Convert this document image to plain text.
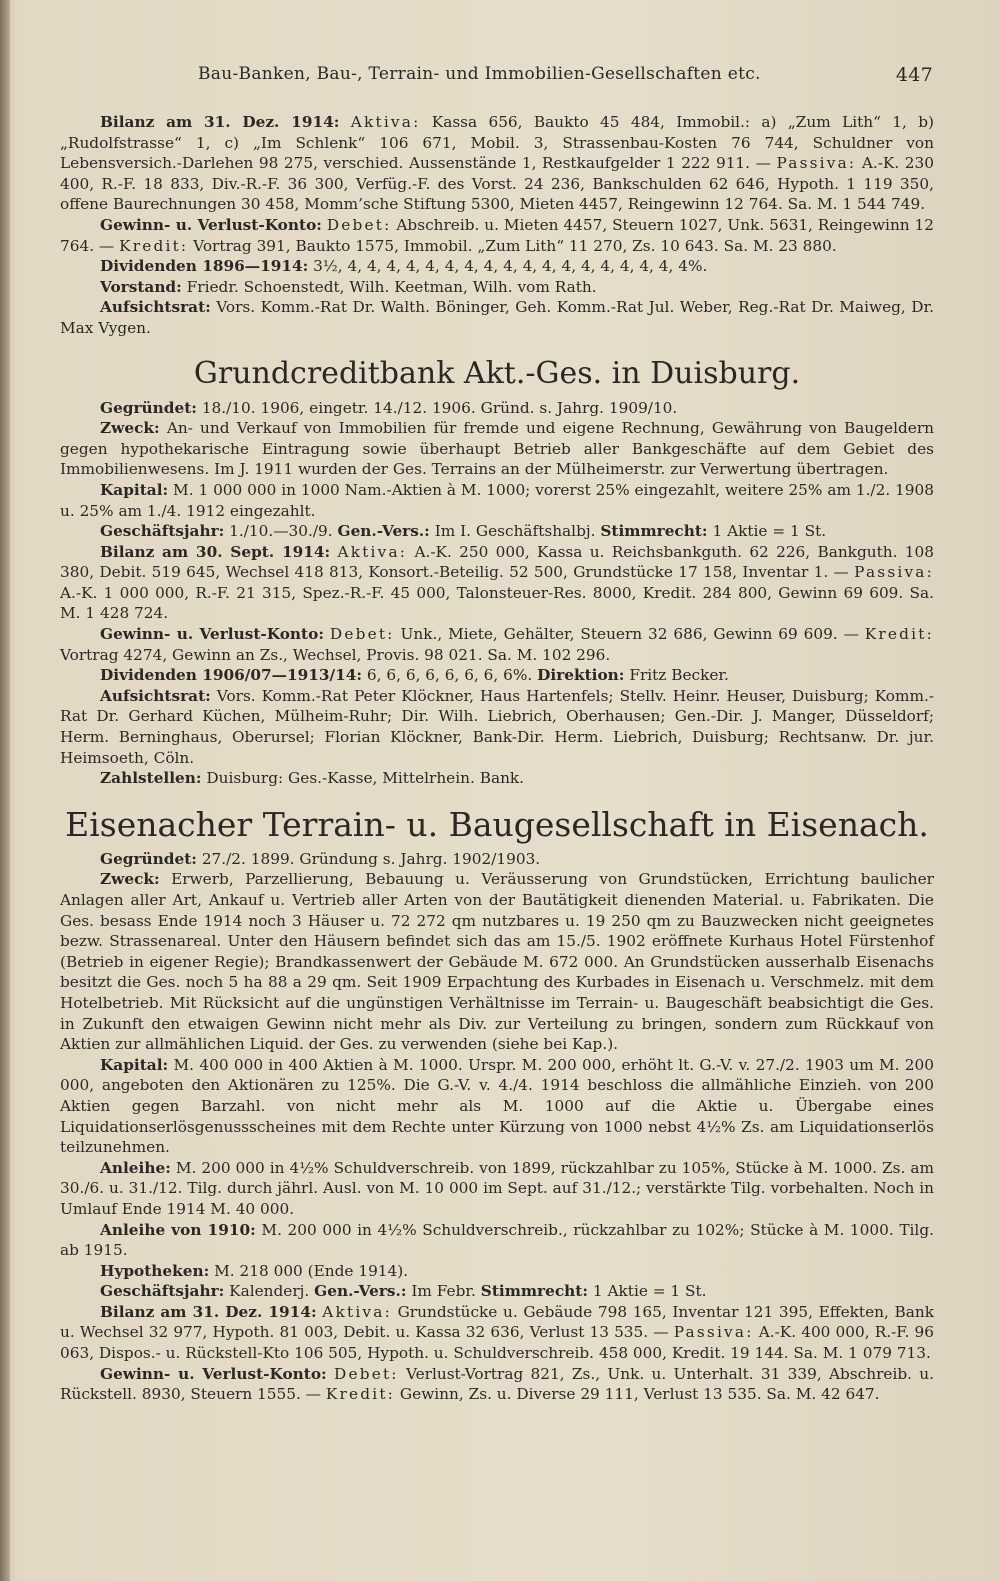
Bau-Banken, Bau-, Terrain- und Immobilien-Gesellschaften etc.	447

Bilanz am 31. Dez. 1914: Aktiva: Kassa 656, Baukto 45 484, Immobil.: a) „Zum Lith“ 1, b) „Rudolfstrasse“ 1, c) „Im Schlenk“ 106 671, Mobil. 3, Strassenbau-Kosten 76 744, Schuldner von Lebensversich.-Darlehen 98 275, verschied. Aussenstände 1, Restkaufgelder 1 222 911. — Passiva: A.-K. 230 400, R.-F. 18 833, Div.-R.-F. 36 300, Verfüg.-F. des Vorst. 24 236, Bankschulden 62 646, Hypoth. 1 119 350, offene Baurechnungen 30 458, Momm’sche Stiftung 5300, Mieten 4457, Reingewinn 12 764. Sa. M. 1 544 749.

Gewinn- u. Verlust-Konto: Debet: Abschreib. u. Mieten 4457, Steuern 1027, Unk. 5631, Reingewinn 12 764. — Kredit: Vortrag 391, Baukto 1575, Immobil. „Zum Lith“ 11 270, Zs. 10 643. Sa. M. 23 880.

Dividenden 1896—1914: 3½, 4, 4, 4, 4, 4, 4, 4, 4, 4, 4, 4, 4, 4, 4, 4, 4, 4, 4%.

Vorstand: Friedr. Schoenstedt, Wilh. Keetman, Wilh. vom Rath.

Aufsichtsrat: Vors. Komm.-Rat Dr. Walth. Böninger, Geh. Komm.-Rat Jul. Weber, Reg.-Rat Dr. Maiweg, Dr. Max Vygen.

Grundcreditbank Akt.-Ges. in Duisburg.

Gegründet: 18./10. 1906, eingetr. 14./12. 1906. Gründ. s. Jahrg. 1909/10.

Zweck: An- und Verkauf von Immobilien für fremde und eigene Rechnung, Gewährung von Baugeldern gegen hypothekarische Eintragung sowie überhaupt Betrieb aller Bankgeschäfte auf dem Gebiet des Immobilienwesens. Im J. 1911 wurden der Ges. Terrains an der Mülheimerstr. zur Verwertung übertragen.

Kapital: M. 1 000 000 in 1000 Nam.-Aktien à M. 1000; vorerst 25% eingezahlt, weitere 25% am 1./2. 1908 u. 25% am 1./4. 1912 eingezahlt.

Geschäftsjahr: 1./10.—30./9. Gen.-Vers.: Im I. Geschäftshalbj. Stimmrecht: 1 Aktie = 1 St.

Bilanz am 30. Sept. 1914: Aktiva: A.-K. 250 000, Kassa u. Reichsbankguth. 62 226, Bankguth. 108 380, Debit. 519 645, Wechsel 418 813, Konsort.-Beteilig. 52 500, Grundstücke 17 158, Inventar 1. — Passiva: A.-K. 1 000 000, R.-F. 21 315, Spez.-R.-F. 45 000, Talonsteuer-Res. 8000, Kredit. 284 800, Gewinn 69 609. Sa. M. 1 428 724.

Gewinn- u. Verlust-Konto: Debet: Unk., Miete, Gehälter, Steuern 32 686, Gewinn 69 609. — Kredit: Vortrag 4274, Gewinn an Zs., Wechsel, Provis. 98 021. Sa. M. 102 296.

Dividenden 1906/07—1913/14: 6, 6, 6, 6, 6, 6, 6, 6%. Direktion: Fritz Becker.

Aufsichtsrat: Vors. Komm.-Rat Peter Klöckner, Haus Hartenfels; Stellv. Heinr. Heuser, Duisburg; Komm.-Rat Dr. Gerhard Küchen, Mülheim-Ruhr; Dir. Wilh. Liebrich, Oberhausen; Gen.-Dir. J. Manger, Düsseldorf; Herm. Berninghaus, Oberursel; Florian Klöckner, Bank-Dir. Herm. Liebrich, Duisburg; Rechtsanw. Dr. jur. Heimsoeth, Cöln.

Zahlstellen: Duisburg: Ges.-Kasse, Mittelrhein. Bank.

Eisenacher Terrain- u. Baugesellschaft in Eisenach.

Gegründet: 27./2. 1899. Gründung s. Jahrg. 1902/1903.

Zweck: Erwerb, Parzellierung, Bebauung u. Veräusserung von Grundstücken, Errichtung baulicher Anlagen aller Art, Ankauf u. Vertrieb aller Arten von der Bautätigkeit dienenden Material. u. Fabrikaten. Die Ges. besass Ende 1914 noch 3 Häuser u. 72 272 qm nutzbares u. 19 250 qm zu Bauzwecken nicht geeignetes bezw. Strassenareal. Unter den Häusern befindet sich das am 15./5. 1902 eröffnete Kurhaus Hotel Fürstenhof (Betrieb in eigener Regie); Brandkassenwert der Gebäude M. 672 000. An Grundstücken ausserhalb Eisenachs besitzt die Ges. noch 5 ha 88 a 29 qm. Seit 1909 Erpachtung des Kurbades in Eisenach u. Verschmelz. mit dem Hotelbetrieb. Mit Rücksicht auf die ungünstigen Verhältnisse im Terrain- u. Baugeschäft beabsichtigt die Ges. in Zukunft den etwaigen Gewinn nicht mehr als Div. zur Verteilung zu bringen, sondern zum Rückkauf von Aktien zur allmählichen Liquid. der Ges. zu verwenden (siehe bei Kap.).

Kapital: M. 400 000 in 400 Aktien à M. 1000. Urspr. M. 200 000, erhöht lt. G.-V. v. 27./2. 1903 um M. 200 000, angeboten den Aktionären zu 125%. Die G.-V. v. 4./4. 1914 beschloss die allmähliche Einzieh. von 200 Aktien gegen Barzahl. von nicht mehr als M. 1000 auf die Aktie u. Übergabe eines Liquidationserlösgenussscheines mit dem Rechte unter Kürzung von 1000 nebst 4½% Zs. am Liquidationserlös teilzunehmen.

Anleihe: M. 200 000 in 4½% Schuldverschreib. von 1899, rückzahlbar zu 105%, Stücke à M. 1000. Zs. am 30./6. u. 31./12. Tilg. durch jährl. Ausl. von M. 10 000 im Sept. auf 31./12.; verstärkte Tilg. vorbehalten. Noch in Umlauf Ende 1914 M. 40 000.

Anleihe von 1910: M. 200 000 in 4½% Schuldverschreib., rückzahlbar zu 102%; Stücke à M. 1000. Tilg. ab 1915.

Hypotheken: M. 218 000 (Ende 1914).

Geschäftsjahr: Kalenderj. Gen.-Vers.: Im Febr. Stimmrecht: 1 Aktie = 1 St.

Bilanz am 31. Dez. 1914: Aktiva: Grundstücke u. Gebäude 798 165, Inventar 121 395, Effekten, Bank u. Wechsel 32 977, Hypoth. 81 003, Debit. u. Kassa 32 636, Verlust 13 535. — Passiva: A.-K. 400 000, R.-F. 96 063, Dispos.- u. Rückstell-Kto 106 505, Hypoth. u. Schuldverschreib. 458 000, Kredit. 19 144. Sa. M. 1 079 713.

Gewinn- u. Verlust-Konto: Debet: Verlust-Vortrag 821, Zs., Unk. u. Unterhalt. 31 339, Abschreib. u. Rückstell. 8930, Steuern 1555. — Kredit: Gewinn, Zs. u. Diverse 29 111, Verlust 13 535. Sa. M. 42 647.
